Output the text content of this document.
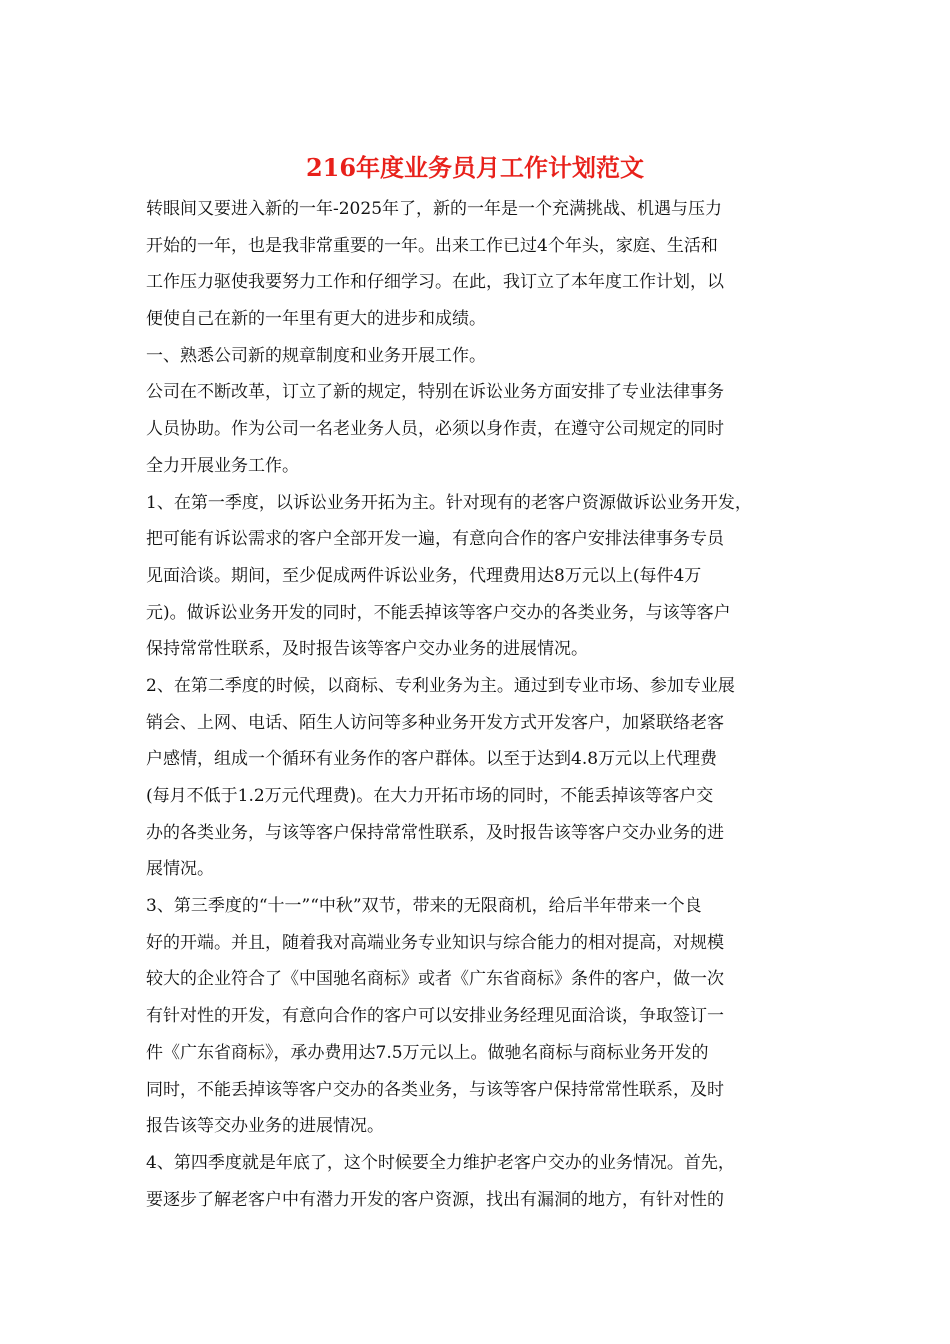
216年度业务员月工作计划范文

转眼间又要进入新的一年-2025年了，新的一年是一个充满挑战、机遇与压力

开始的一年，也是我非常重要的一年。出来工作已过4个年头，家庭、生活和

工作压力驱使我要努力工作和仔细学习。在此，我订立了本年度工作计划，以

便使自己在新的一年里有更大的进步和成绩。

一、熟悉公司新的规章制度和业务开展工作。

公司在不断改革，订立了新的规定，特别在诉讼业务方面安排了专业法律事务

人员协助。作为公司一名老业务人员，必须以身作责，在遵守公司规定的同时

全力开展业务工作。

1、在第一季度，以诉讼业务开拓为主。针对现有的老客户资源做诉讼业务开发，

把可能有诉讼需求的客户全部开发一遍，有意向合作的客户安排法律事务专员

见面洽谈。期间，至少促成两件诉讼业务，代理费用达8万元以上(每件4万

元)。做诉讼业务开发的同时，不能丢掉该等客户交办的各类业务，与该等客户

保持常常性联系，及时报告该等客户交办业务的进展情况。

2、在第二季度的时候，以商标、专利业务为主。通过到专业市场、参加专业展

销会、上网、电话、陌生人访问等多种业务开发方式开发客户，加紧联络老客

户感情，组成一个循环有业务作的客户群体。以至于达到4.8万元以上代理费

(每月不低于1.2万元代理费)。在大力开拓市场的同时，不能丢掉该等客户交

办的各类业务，与该等客户保持常常性联系，及时报告该等客户交办业务的进

展情况。

3、第三季度的“十一”“中秋”双节，带来的无限商机，给后半年带来一个良

好的开端。并且，随着我对高端业务专业知识与综合能力的相对提高，对规模

较大的企业符合了《中国驰名商标》或者《广东省商标》条件的客户，做一次

有针对性的开发，有意向合作的客户可以安排业务经理见面洽谈，争取签订一

件《广东省商标》，承办费用达7.5万元以上。做驰名商标与商标业务开发的

同时，不能丢掉该等客户交办的各类业务，与该等客户保持常常性联系，及时

报告该等交办业务的进展情况。

4、第四季度就是年底了，这个时候要全力维护老客户交办的业务情况。首先，

要逐步了解老客户中有潜力开发的客户资源，找出有漏洞的地方，有针对性的
